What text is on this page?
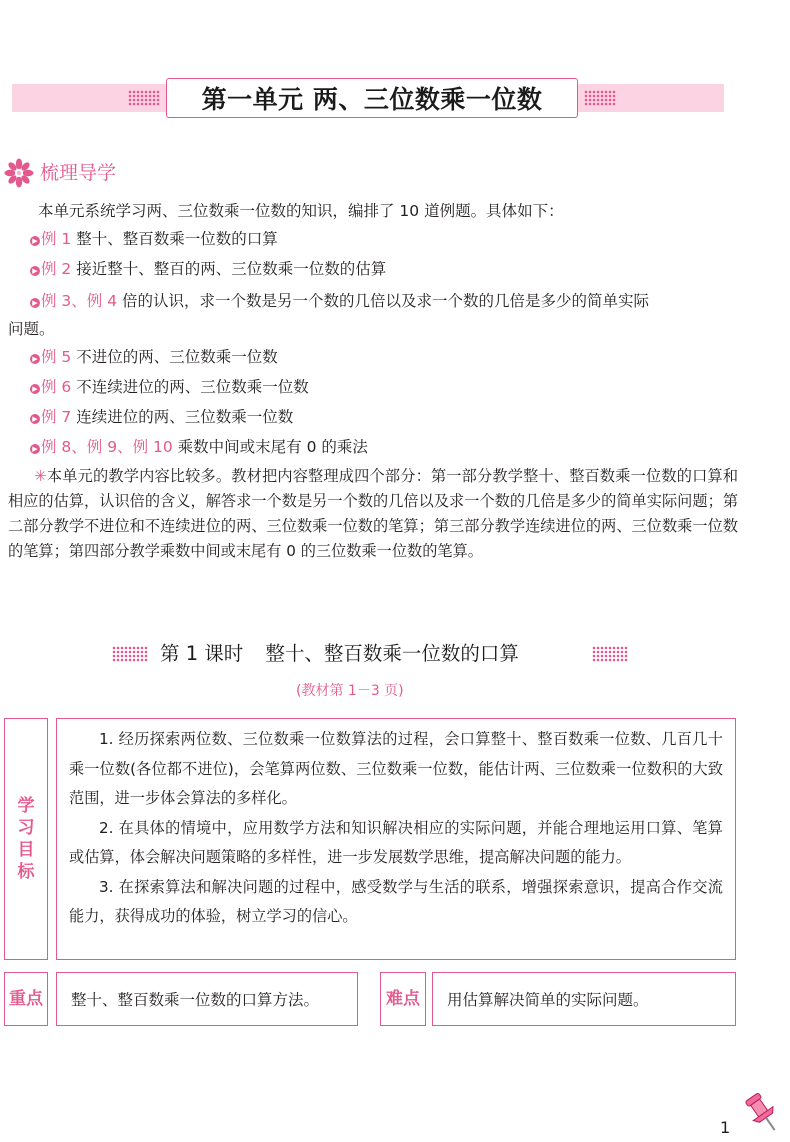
第一单元 两、三位数乘一位数
梳理导学
本单元系统学习两、三位数乘一位数的知识，编排了 10 道例题。具体如下：
▶ 例 1 整十、整百数乘一位数的口算
▶ 例 2 接近整十、整百的两、三位数乘一位数的估算
▶ 例 3、例 4 倍的认识，求一个数是另一个数的几倍以及求一个数的几倍是多少的简单实际
问题。
▶ 例 5 不进位的两、三位数乘一位数
▶ 例 6 不连续进位的两、三位数乘一位数
▶ 例 7 连续进位的两、三位数乘一位数
▶ 例 8、例 9、例 10 乘数中间或末尾有 0 的乘法
✳本单元的教学内容比较多。教材把内容整理成四个部分：第一部分教学整十、整百数乘一位数的口算和相应的估算，认识倍的含义，解答求一个数是另一个数的几倍以及求一个数的几倍是多少的简单实际问题；第二部分教学不进位和不连续进位的两、三位数乘一位数的笔算；第三部分教学连续进位的两、三位数乘一位数的笔算；第四部分教学乘数中间或末尾有 0 的三位数乘一位数的笔算。
第 1 课时 整十、整百数乘一位数的口算
(教材第 1－3 页)
学习目标
1. 经历探索两位数、三位数乘一位数算法的过程，会口算整十、整百数乘一位数、几百几十乘一位数(各位都不进位)，会笔算两位数、三位数乘一位数，能估计两、三位数乘一位数积的大致范围，进一步体会算法的多样化。
2. 在具体的情境中，应用数学方法和知识解决相应的实际问题，并能合理地运用口算、笔算或估算，体会解决问题策略的多样性，进一步发展数学思维，提高解决问题的能力。
3. 在探索算法和解决问题的过程中，感受数学与生活的联系，增强探索意识，提高合作交流能力，获得成功的体验，树立学习的信心。
重点 整十、整百数乘一位数的口算方法。	难点 用估算解决简单的实际问题。
1
